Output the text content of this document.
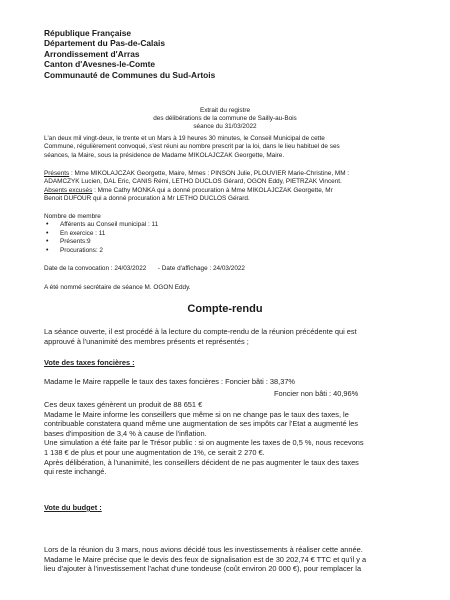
République Française
Département du Pas-de-Calais
Arrondissement d'Arras
Canton d'Avesnes-le-Comte
Communauté de Communes du Sud-Artois
Extrait du registre
des délibérations de la commune de Sailly-au-Bois
séance du 31/03/2022
L'an deux mil vingt-deux, le trente et un Mars à 19 heures 30 minutes, le Conseil Municipal de cette
Commune, régulièrement convoqué, s'est réuni au nombre prescrit par la loi, dans le lieu habituel de ses
séances, la Maire, sous la présidence de Madame MIKOLAJCZAK Georgette, Maire.
Présents : Mme MIKOLAJCZAK Georgette, Maire, Mmes : PINSON Julie, PLOUVIER Marie-Christine, MM :
ADAMCZYK Lucien, DAL Eric, CANIS Rémi, LETHO DUCLOS Gérard, OGON Eddy, PIETRZAK Vincent.
Absents excusés : Mme Cathy MONKA qui a donné procuration à Mme MIKOLAJCZAK Georgette, Mr
Benoit DUFOUR qui a donné procuration à Mr LETHO DUCLOS Gérard.
Nombre de membre
• Afférents au Conseil municipal : 11
• En exercice : 11
• Présents:9
• Procurations: 2
Date de la convocation : 24/03/2022 - Date d'affichage : 24/03/2022
A été nommé secrétaire de séance M. OGON Eddy.
Compte-rendu
La séance ouverte, il est procédé à la lecture du compte-rendu de la réunion précédente qui est
approuvé à l'unanimité des membres présents et représentés ;
Vote des taxes foncières :
Madame le Maire rappelle le taux des taxes foncières : Foncier bâti : 38,37%
Foncier non bâti : 40,96%
Ces deux taxes génèrent un produit de 88 651 €
Madame le Maire informe les conseillers que même si on ne change pas le taux des taxes, le
contribuable constatera quand même une augmentation de ses impôts car l'Etat a augmenté les
bases d'imposition de 3,4 % à cause de l'inflation.
Une simulation a été faite par le Trésor public : si on augmente les taxes de 0,5 %, nous recevons
1 138 € de plus et pour une augmentation de 1%, ce serait 2 270 €.
Après délibération, à l'unanimité, les conseillers décident de ne pas augmenter le taux des taxes
qui reste inchangé.
Vote du budget :
Lors de la réunion du 3 mars, nous avions décidé tous les investissements à réaliser cette année.
Madame le Maire précise que le devis des feux de signalisation est de 30 202,74 € TTC et qu'il y a
lieu d'ajouter à l'investissement l'achat d'une tondeuse (coût environ 20 000 €), pour remplacer la
